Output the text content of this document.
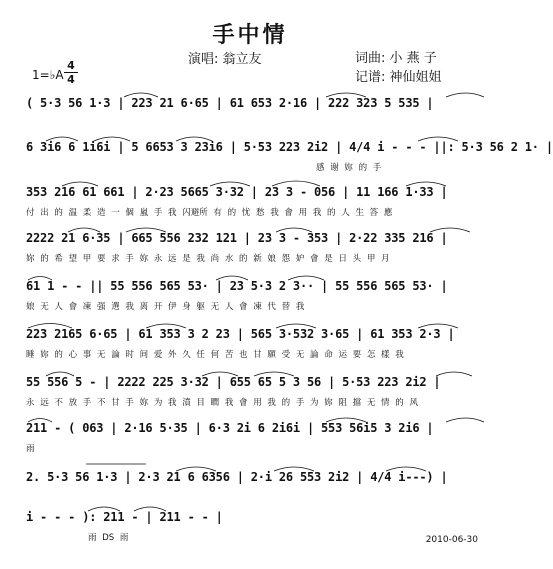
手中情
演唱: 翁立友	词曲: 小 燕 子
记谱: 神仙姐姐
1=♭A
4
4
( 5·3 56 1·3 | 223 21 6·65 | 61 653 2·16 | 222 323 5 535 |
6 3i6 6 1i6i | 5 6653 3 23i6 | 5·53 223 2i2 | 4/4 i - - - ||: 5·3 56 2 1· |
感 谢 妳 的 手
353 216 61 661 | 2·23 5665 3·32 | 23 3 - 056 | 11 166 1·33 |
付 出 的 温 柔 造 一 個 嵐 手 我 闪避所 有 的 忧 愁 我 會 用 我 的 人 生 答 應
2222 21 6·35 | 665 556 232 121 | 23 3 - 353 | 2·22 335 216 |
妳 的 希 望 甲 要 求 手 妳 永 远 是 我 尚 水 的 新 娘 怨 妒 會 是 日 头 甲 月
61 1 - - || 55 556 565 53· | 23 5·3 2 3·· | 55 556 565 53· |
娘 无 人 會 凍 强 選 我 离 开 伊 身 躯 无 人 會 凍 代 替 我
223 2165 6·65 | 61 353 3 2 23 | 565 3·532 3·65 | 61 353 2·3 |
睡 妳 的 心 事 无 論 时 间 爱 外 久 任 何 苦 也 甘 願 受 无 論 命 运 要 怎 樣 我
55 556 5 - | 2222 225 3·32 | 655 65 5 3 56 | 5·53 223 2i2 |
永 远 不 放 手 不 甘 手 妳 为 我 濆 目 瞤 我 會 用 我 的 手 为 妳 阻 擋 无 情 的 风
211 - ( 063 | 2·16 5·35 | 6·3 2i 6 2i6i | 553 56i5 3 2i6 |
雨
2. 5·3 56 1·3 | 2·3 21 6 6356 | 2·i 26 553 2i2 | 4/4 i---) |
i - - - ): 211 - | 211 - - |
雨 DS 雨	2010-06-30
